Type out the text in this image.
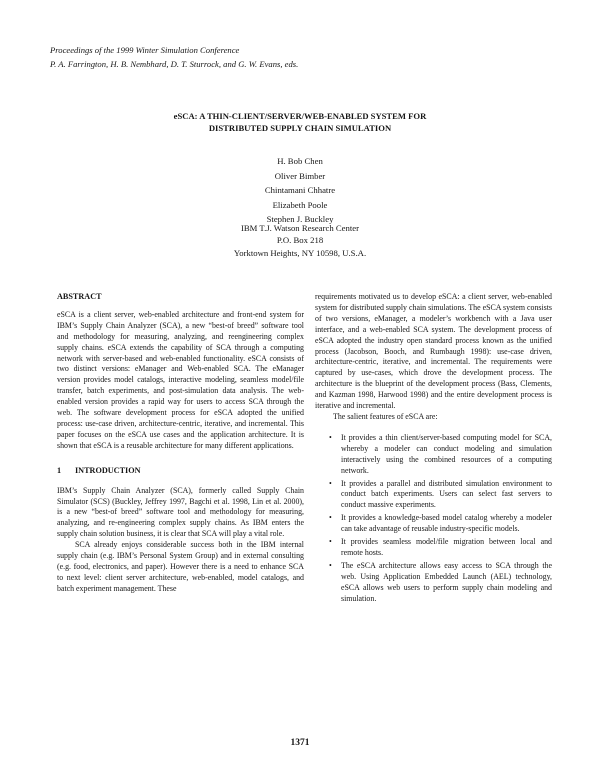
Proceedings of the 1999 Winter Simulation Conference
P. A. Farrington, H. B. Nembhard, D. T. Sturrock, and G. W. Evans, eds.
eSCA: A THIN-CLIENT/SERVER/WEB-ENABLED SYSTEM FOR
DISTRIBUTED SUPPLY CHAIN SIMULATION
H. Bob Chen
Oliver Bimber
Chintamani Chhatre
Elizabeth Poole
Stephen J. Buckley
IBM T.J. Watson Research Center
P.O. Box 218
Yorktown Heights, NY 10598, U.S.A.
ABSTRACT

eSCA is a client server, web-enabled architecture and front-end system for IBM’s Supply Chain Analyzer (SCA), a new “best-of breed” software tool and methodology for measuring, analyzing, and reengineering complex supply chains. eSCA extends the capability of SCA through a computing network with server-based and web-enabled functionality. eSCA consists of two distinct versions: eManager and Web-enabled SCA. The eManager version provides model catalogs, interactive modeling, seamless model/file transfer, batch experiments, and post-simulation data analysis. The web-enabled version provides a rapid way for users to access SCA through the web. The software development process for eSCA adopted the unified process: use-case driven, architecture-centric, iterative, and incremental. This paper focuses on the eSCA use cases and the application architecture. It is shown that eSCA is a reusable architecture for many different applications.

1 INTRODUCTION

IBM’s Supply Chain Analyzer (SCA), formerly called Supply Chain Simulator (SCS) (Buckley, Jeffrey 1997, Bagchi et al. 1998, Lin et al. 2000), is a new “best-of breed” software tool and methodology for measuring, analyzing, and re-engineering complex supply chains. As IBM enters the supply chain solution business, it is clear that SCA will play a vital role.

SCA already enjoys considerable success both in the IBM internal supply chain (e.g. IBM’s Personal System Group) and in external consulting (e.g. food, electronics, and paper). However there is a need to enhance SCA to next level: client server architecture, web-enabled, model catalogs, and batch experiment management. These

requirements motivated us to develop eSCA: a client server, web-enabled system for distributed supply chain simulations. The eSCA system consists of two versions, eManager, a modeler’s workbench with a Java user interface, and a web-enabled SCA system. The development process of eSCA adopted the industry open standard process known as the unified process (Jacobson, Booch, and Rumbaugh 1998): use-case driven, architecture-centric, iterative, and incremental. The requirements were captured by use-cases, which drove the development process. The architecture is the blueprint of the development process (Bass, Clements, and Kazman 1998, Harwood 1998) and the entire development process is iterative and incremental.

The salient features of eSCA are:

• It provides a thin client/server-based computing model for SCA, whereby a modeler can conduct modeling and simulation interactively using the combined resources of a computing network.
• It provides a parallel and distributed simulation environment to conduct batch experiments. Users can select fast servers to conduct massive experiments.
• It provides a knowledge-based model catalog whereby a modeler can take advantage of reusable industry-specific models.
• It provides seamless model/file migration between local and remote hosts.
• The eSCA architecture allows easy access to SCA through the web. Using Application Embedded Launch (AEL) technology, eSCA allows web users to perform supply chain modeling and simulation.
1371
